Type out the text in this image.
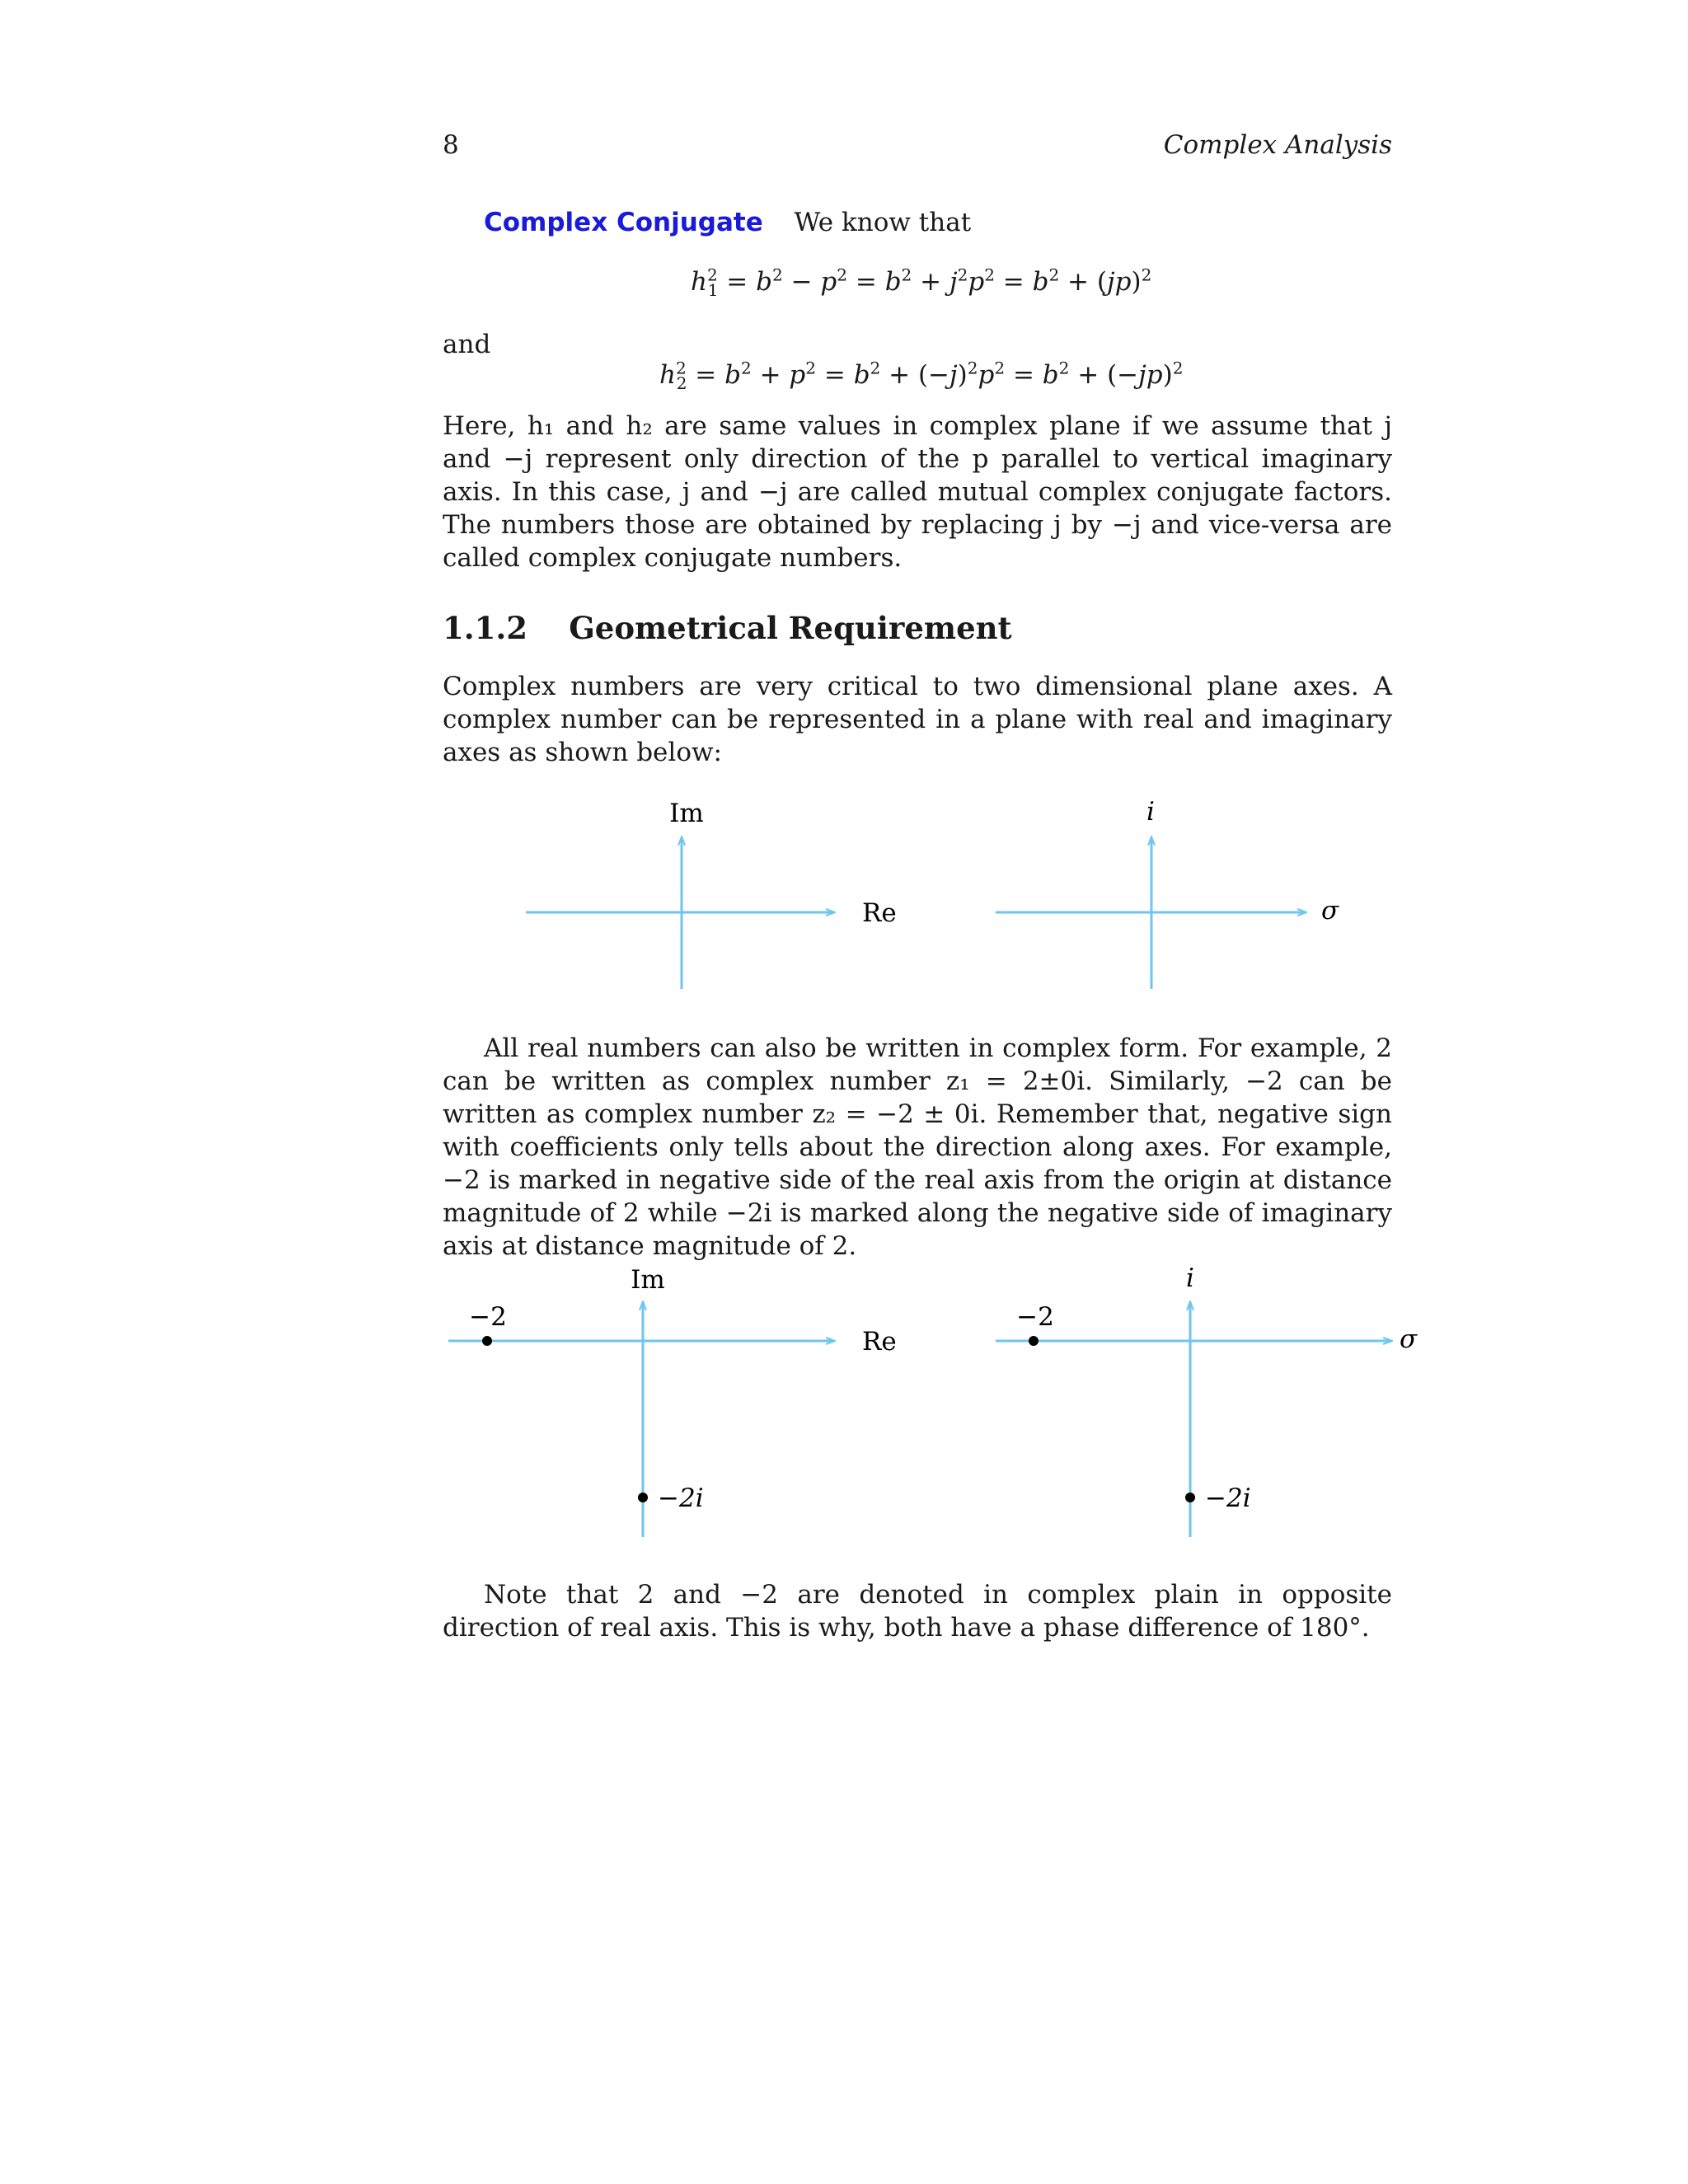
8	Complex Analysis
Complex Conjugate We know that
$h^2_1 = b^2 - p^2 = b^2 + j^2p^2 = b^2 + (jp)^2$
and
$h^2_2 = b^2 + p^2 = b^2 + (-j)^2p^2 = b^2 + (-jp)^2$
Here, h₁ and h₂ are same values in complex plane if we assume that j and −j represent only direction of the p parallel to vertical imaginary axis. In this case, j and −j are called mutual complex conjugate factors. The numbers those are obtained by replacing j by −j and vice-versa are called complex conjugate numbers.
1.1.2 Geometrical Requirement
Complex numbers are very critical to two dimensional plane axes. A complex number can be represented in a plane with real and imaginary axes as shown below:
Im
Re
i
σ
Im
Re
−2
−2i
i
σ
−2
−2i
All real numbers can also be written in complex form. For example, 2 can be written as complex number z₁ = 2±0i. Similarly, −2 can be written as complex number z₂ = −2 ± 0i. Remember that, negative sign with coefficients only tells about the direction along axes. For example, −2 is marked in negative side of the real axis from the origin at distance magnitude of 2 while −2i is marked along the negative side of imaginary axis at distance magnitude of 2.
Note that 2 and −2 are denoted in complex plain in opposite direction of real axis. This is why, both have a phase difference of 180°.
